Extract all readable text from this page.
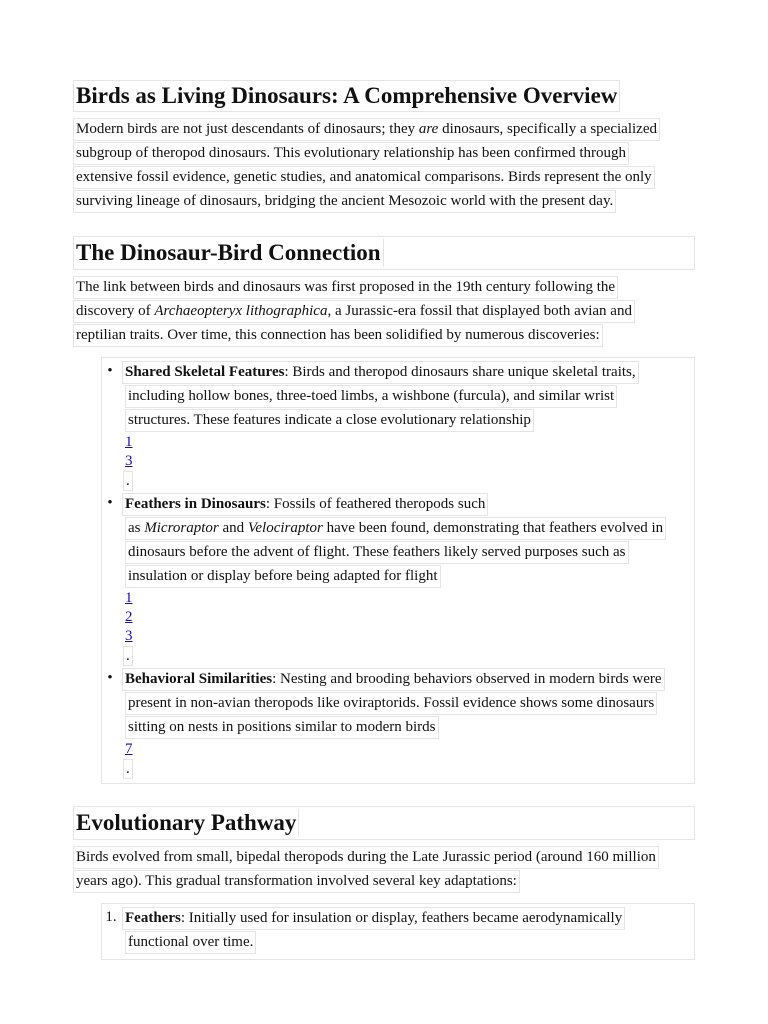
Birds as Living Dinosaurs: A Comprehensive Overview

Modern birds are not just descendants of dinosaurs; they are dinosaurs, specifically a specialized

subgroup of theropod dinosaurs. This evolutionary relationship has been confirmed through

extensive fossil evidence, genetic studies, and anatomical comparisons. Birds represent the only

surviving lineage of dinosaurs, bridging the ancient Mesozoic world with the present day.

The Dinosaur-Bird Connection

The link between birds and dinosaurs was first proposed in the 19th century following the

discovery of Archaeopteryx lithographica, a Jurassic-era fossil that displayed both avian and

reptilian traits. Over time, this connection has been solidified by numerous discoveries:

• Shared Skeletal Features: Birds and theropod dinosaurs share unique skeletal traits,
including hollow bones, three-toed limbs, a wishbone (furcula), and similar wrist
structures. These features indicate a close evolutionary relationship
1
3
.
• Feathers in Dinosaurs: Fossils of feathered theropods such
as Microraptor and Velociraptor have been found, demonstrating that feathers evolved in
dinosaurs before the advent of flight. These feathers likely served purposes such as
insulation or display before being adapted for flight
1
2
3
.
• Behavioral Similarities: Nesting and brooding behaviors observed in modern birds were
present in non-avian theropods like oviraptorids. Fossil evidence shows some dinosaurs
sitting on nests in positions similar to modern birds
7
.
Evolutionary Pathway

Birds evolved from small, bipedal theropods during the Late Jurassic period (around 160 million

years ago). This gradual transformation involved several key adaptations:

1. Feathers: Initially used for insulation or display, feathers became aerodynamically
functional over time.
